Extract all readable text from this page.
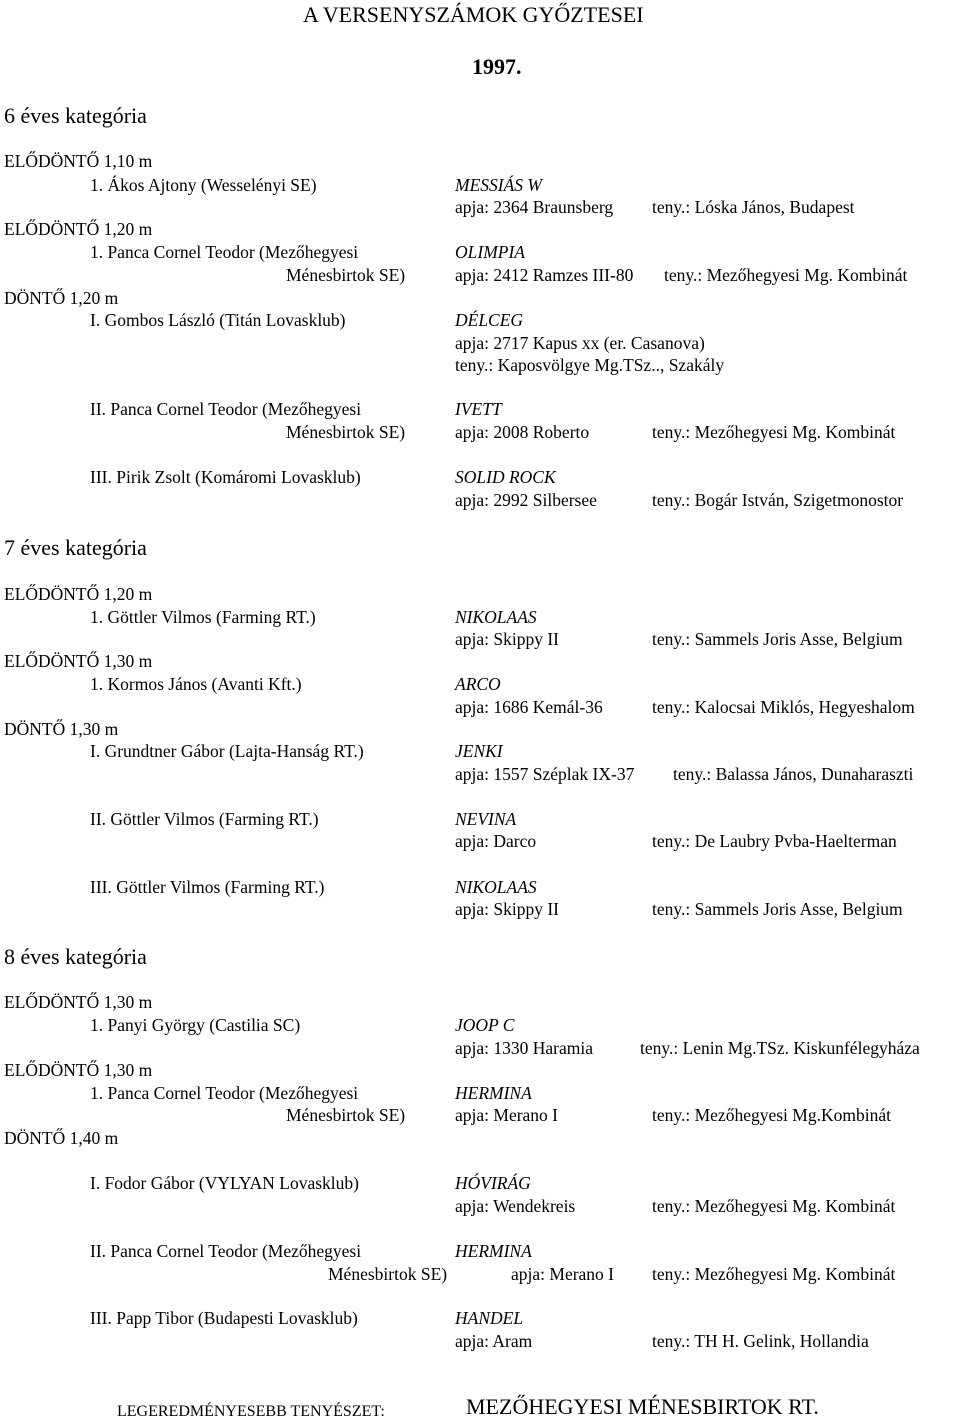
A VERSENYSZÁMOK GYŐZTESEI
1997.
6 éves kategória
ELŐDÖNTŐ 1,10 m
1. Ákos Ajtony (Wesselényi SE)	MESSIÁS W
apja: 2364 Braunsberg teny.: Lóska János, Budapest
ELŐDÖNTŐ 1,20 m
1. Panca Cornel Teodor (Mezőhegyesi	OLIMPIA
Ménesbirtok SE)	apja: 2412 Ramzes III-80 teny.: Mezőhegyesi Mg. Kombinát
DÖNTŐ 1,20 m
I. Gombos László (Titán Lovasklub)	DÉLCEG
apja: 2717 Kapus xx (er. Casanova)
teny.: Kaposvölgye Mg.TSz.., Szakály
II. Panca Cornel Teodor (Mezőhegyesi	IVETT
Ménesbirtok SE)	apja: 2008 Roberto	teny.: Mezőhegyesi Mg. Kombinát
III. Pirik Zsolt (Komáromi Lovasklub)	SOLID ROCK
apja: 2992 Silbersee	teny.: Bogár István, Szigetmonostor
7 éves kategória
ELŐDÖNTŐ 1,20 m
1. Göttler Vilmos (Farming RT.)	NIKOLAAS
apja: Skippy II	teny.: Sammels Joris Asse, Belgium
ELŐDÖNTŐ 1,30 m
1. Kormos János (Avanti Kft.)	ARCO
apja: 1686 Kemál-36	teny.: Kalocsai Miklós, Hegyeshalom
DÖNTŐ 1,30 m
I. Grundtner Gábor (Lajta-Hanság RT.)	JENKI
apja: 1557 Széplak IX-37 teny.: Balassa János, Dunaharaszti
II. Göttler Vilmos (Farming RT.)	NEVINA
apja: Darco	teny.: De Laubry Pvba-Haelterman
III. Göttler Vilmos (Farming RT.)	NIKOLAAS
apja: Skippy II	teny.: Sammels Joris Asse, Belgium
8 éves kategória
ELŐDÖNTŐ 1,30 m
1. Panyi György (Castilia SC)	JOOP C
apja: 1330 Haramia	teny.: Lenin Mg.TSz. Kiskunfélegyháza
ELŐDÖNTŐ 1,30 m
1. Panca Cornel Teodor (Mezőhegyesi	HERMINA
Ménesbirtok SE)	apja: Merano I	teny.: Mezőhegyesi Mg.Kombinát
DÖNTŐ 1,40 m
I. Fodor Gábor (VYLYAN Lovasklub)	HÓVIRÁG
apja: Wendekreis	teny.: Mezőhegyesi Mg. Kombinát
II. Panca Cornel Teodor (Mezőhegyesi	HERMINA
Ménesbirtok SE)	apja: Merano I teny.: Mezőhegyesi Mg. Kombinát
III. Papp Tibor (Budapesti Lovasklub)	HANDEL
apja: Aram	teny.: TH H. Gelink, Hollandia
LEGEREDMÉNYESEBB TENYÉSZET:	MEZŐHEGYESI MÉNESBIRTOK RT.
